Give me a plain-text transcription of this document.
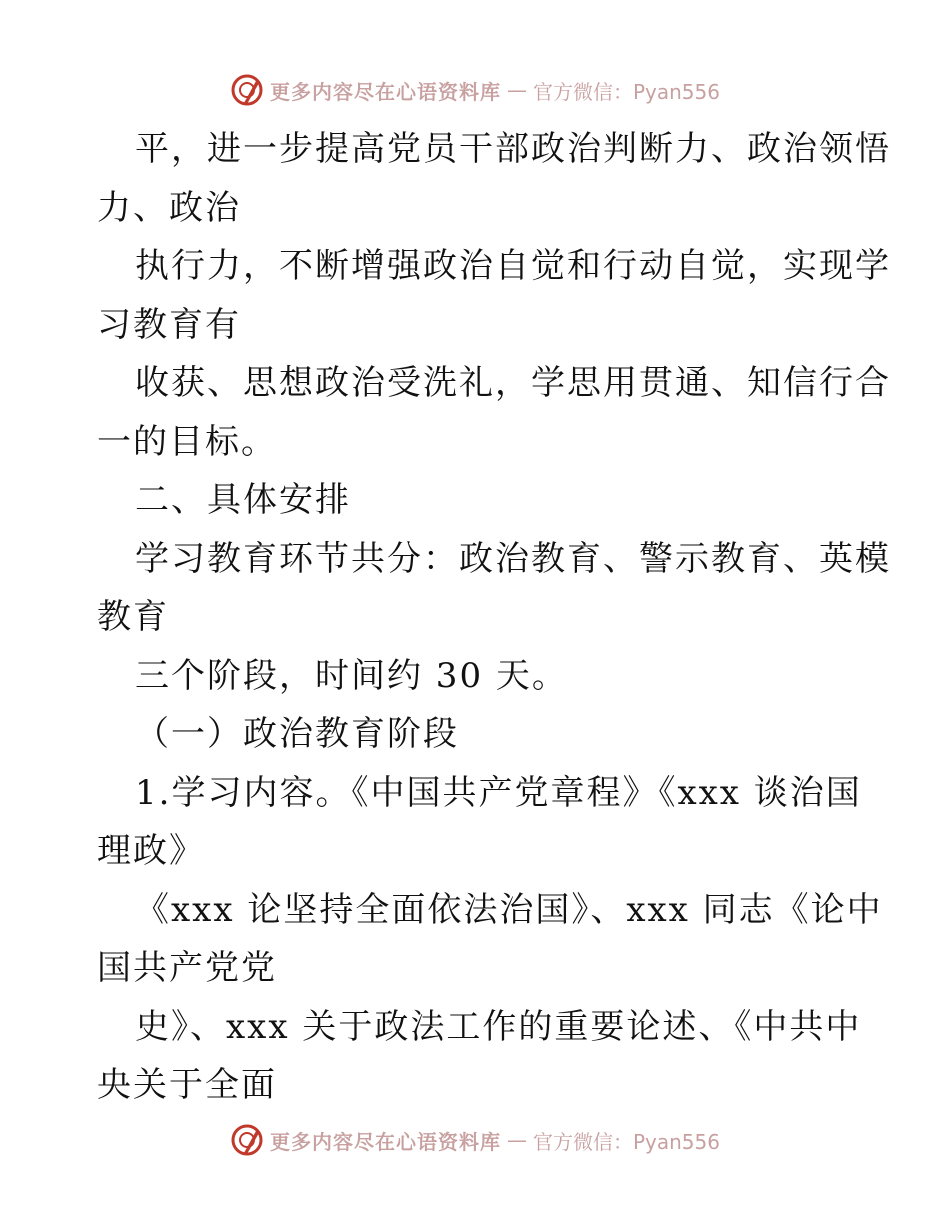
更多内容尽在心语资料库 — 官方微信：Pyan556
平，进一步提高党员干部政治判断力、政治领悟
力、政治
执行力，不断增强政治自觉和行动自觉，实现学
习教育有
收获、思想政治受洗礼，学思用贯通、知信行合
一的目标。
二、具体安排
学习教育环节共分：政治教育、警示教育、英模
教育
三个阶段，时间约 30 天。
（一）政治教育阶段
1.学习内容。《中国共产党章程》《xxx 谈治国
理政》
《xxx 论坚持全面依法治国》、xxx 同志《论中
国共产党党
史》、xxx 关于政法工作的重要论述、《中共中
央关于全面
更多内容尽在心语资料库 — 官方微信：Pyan556
